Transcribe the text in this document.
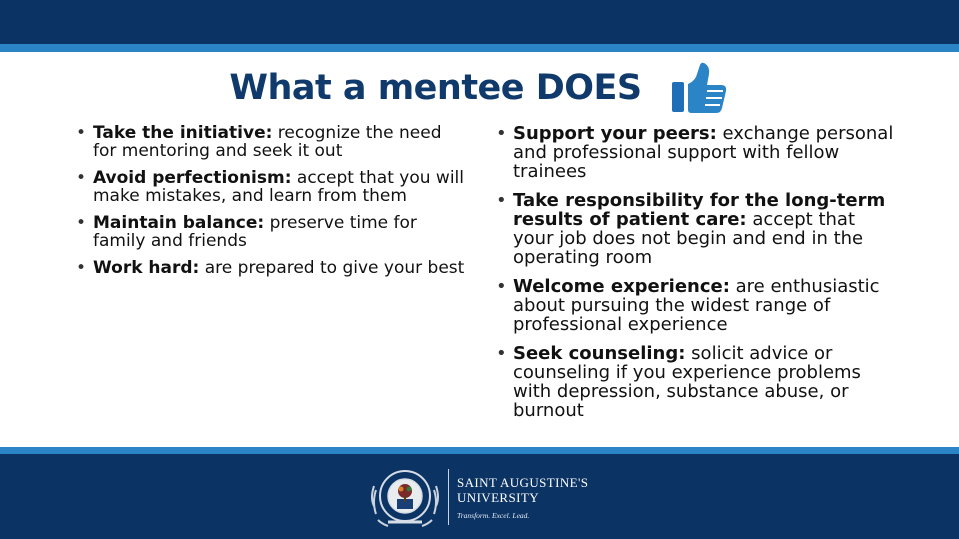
What a mentee DOES
• Take the initiative: recognize the need for mentoring and seek it out
• Avoid perfectionism: accept that you will make mistakes, and learn from them
• Maintain balance: preserve time for family and friends
• Work hard: are prepared to give your best
• Support your peers: exchange personal and professional support with fellow trainees
• Take responsibility for the long-term results of patient care: accept that your job does not begin and end in the operating room
• Welcome experience: are enthusiastic about pursuing the widest range of professional experience
• Seek counseling: solicit advice or counseling if you experience problems with depression, substance abuse, or burnout
SAINT AUGUSTINE'S
UNIVERSITY
Transform. Excel. Lead.
